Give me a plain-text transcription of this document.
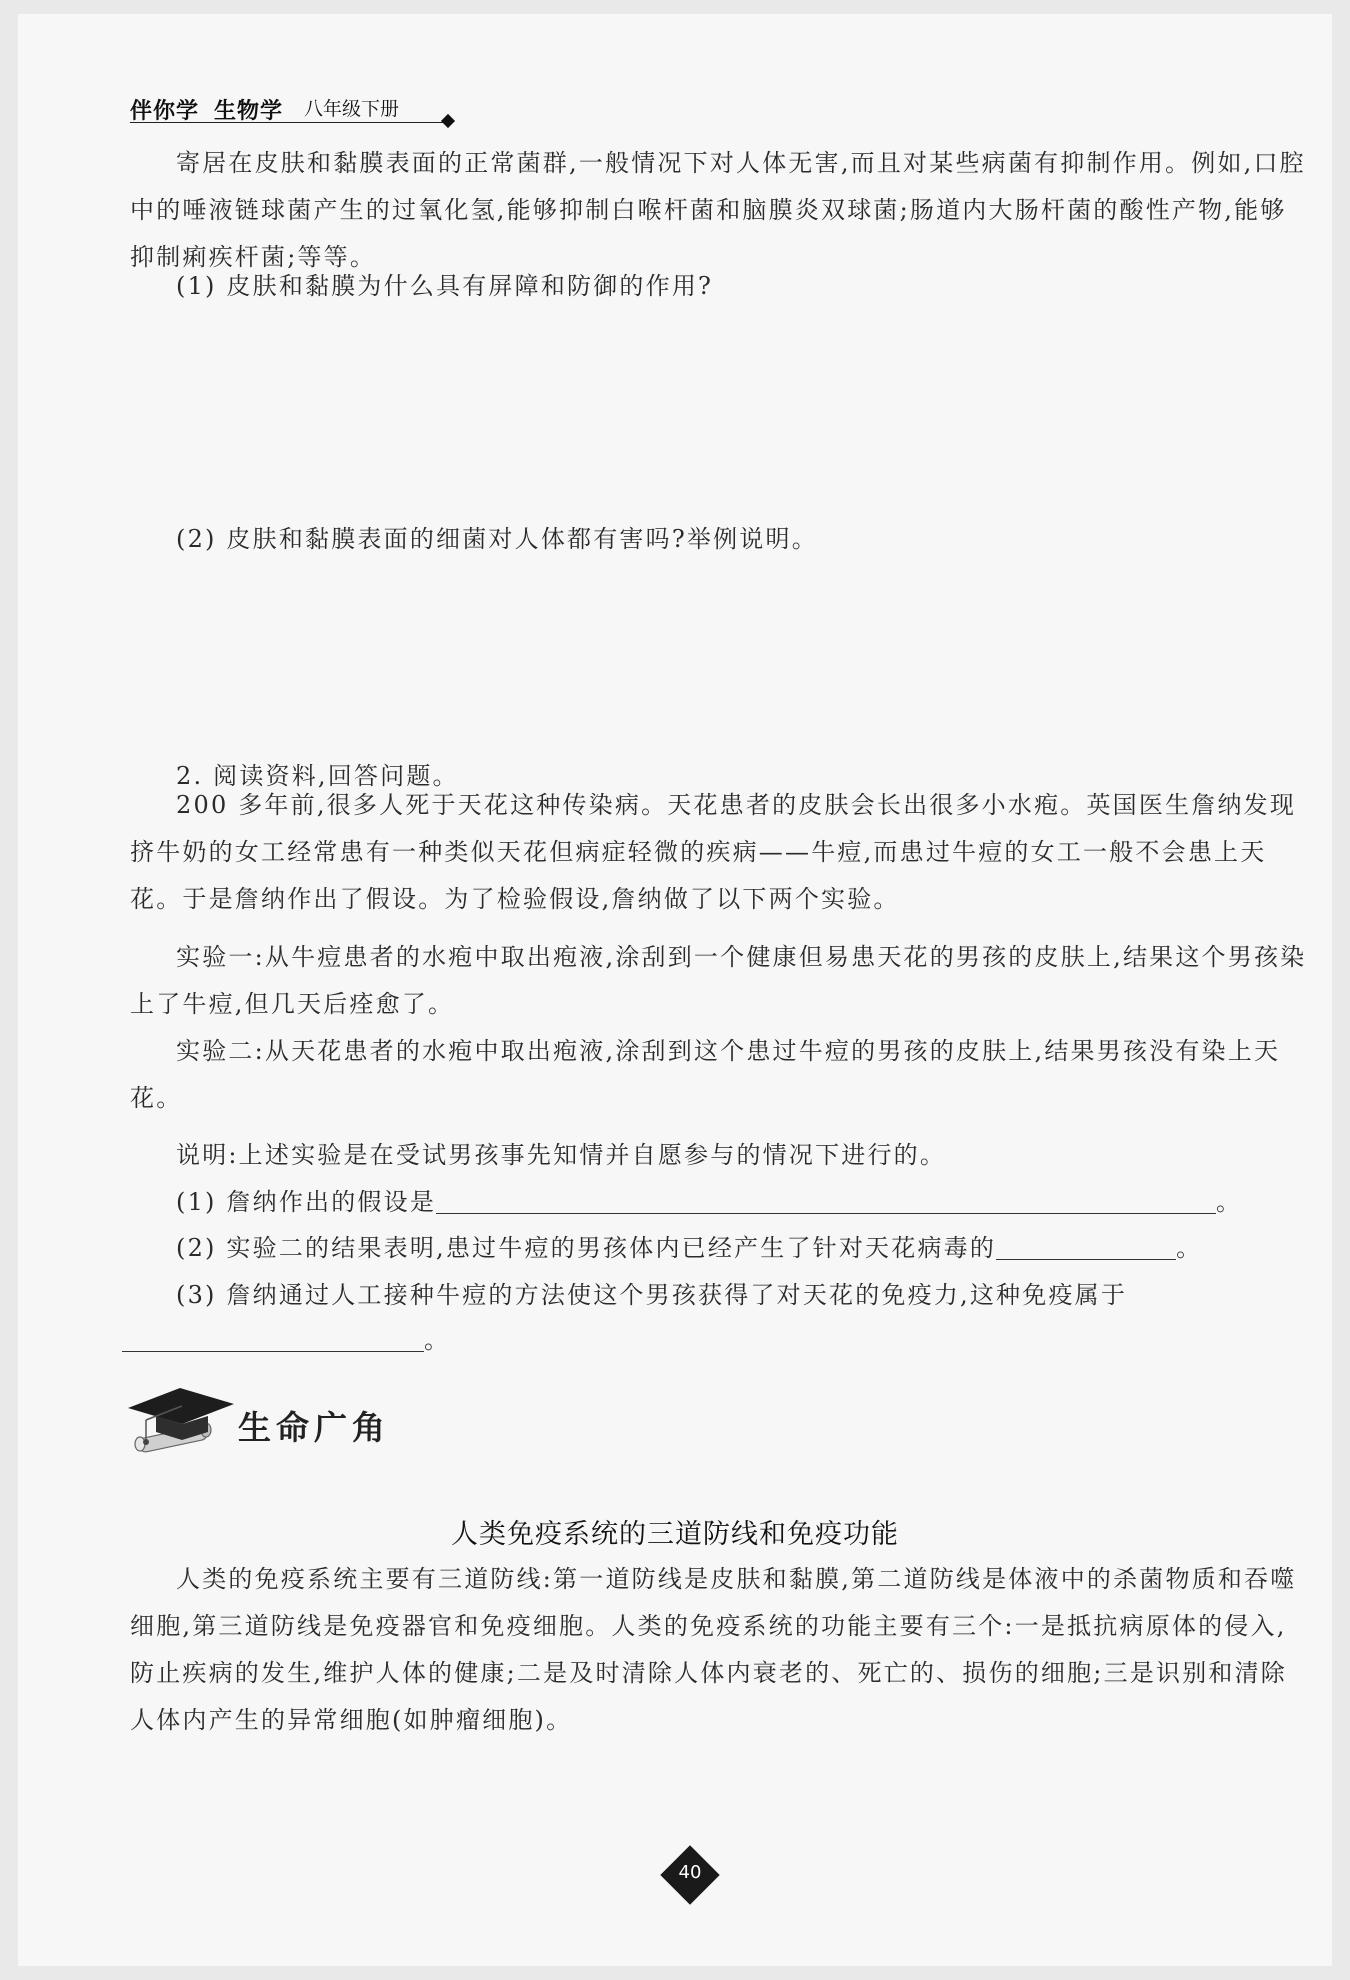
伴你学 生物学 八年级下册
寄居在皮肤和黏膜表面的正常菌群,一般情况下对人体无害,而且对某些病菌有抑制作用。例如,口腔中的唾液链球菌产生的过氧化氢,能够抑制白喉杆菌和脑膜炎双球菌;肠道内大肠杆菌的酸性产物,能够抑制痢疾杆菌;等等。
(1) 皮肤和黏膜为什么具有屏障和防御的作用?
(2) 皮肤和黏膜表面的细菌对人体都有害吗?举例说明。
2. 阅读资料,回答问题。
200 多年前,很多人死于天花这种传染病。天花患者的皮肤会长出很多小水疱。英国医生詹纳发现挤牛奶的女工经常患有一种类似天花但病症轻微的疾病——牛痘,而患过牛痘的女工一般不会患上天花。于是詹纳作出了假设。为了检验假设,詹纳做了以下两个实验。
实验一:从牛痘患者的水疱中取出疱液,涂刮到一个健康但易患天花的男孩的皮肤上,结果这个男孩染上了牛痘,但几天后痊愈了。
实验二:从天花患者的水疱中取出疱液,涂刮到这个患过牛痘的男孩的皮肤上,结果男孩没有染上天花。
说明:上述实验是在受试男孩事先知情并自愿参与的情况下进行的。
(1) 詹纳作出的假设是	。
(2) 实验二的结果表明,患过牛痘的男孩体内已经产生了针对天花病毒的	。
(3) 詹纳通过人工接种牛痘的方法使这个男孩获得了对天花的免疫力,这种免疫属于
。
生命广角
人类免疫系统的三道防线和免疫功能
人类的免疫系统主要有三道防线:第一道防线是皮肤和黏膜,第二道防线是体液中的杀菌物质和吞噬细胞,第三道防线是免疫器官和免疫细胞。人类的免疫系统的功能主要有三个:一是抵抗病原体的侵入,防止疾病的发生,维护人体的健康;二是及时清除人体内衰老的、死亡的、损伤的细胞;三是识别和清除人体内产生的异常细胞(如肿瘤细胞)。
40
